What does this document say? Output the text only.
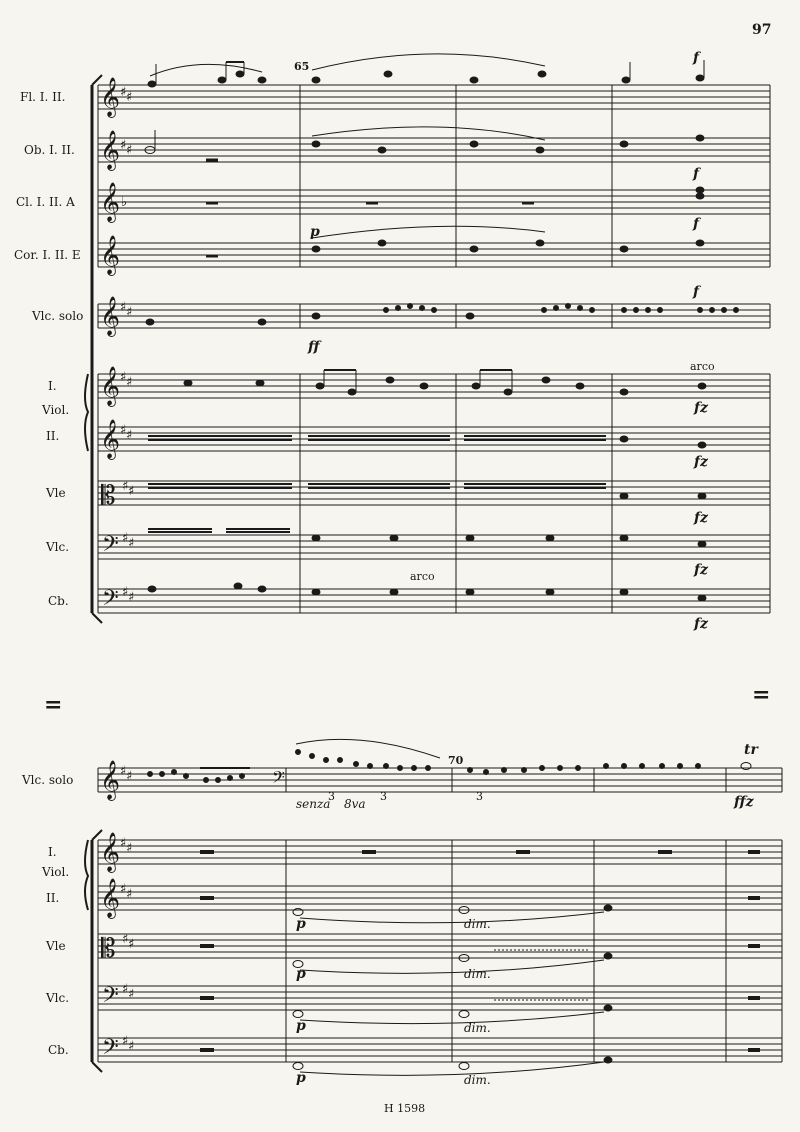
97
𝄞
𝄞
𝄞
𝄞
𝄞
𝄞
𝄞
𝄡
𝄢
𝄢
♯ ♯
♯ ♯
♭
♯ ♯
♯ ♯
♯ ♯
♯ ♯
♯ ♯
♯ ♯
Fl. I. II.
Ob. I. II.
Cl. I. II. A
Cor. I. II. E
Vlc. solo
I.
Viol.
II.
Vle
Vlc.
Cb.
65
ff
p
f
f
f
f
arco
fz
fz
fz
fz
arco
fz
=	=
𝄞
𝄞
𝄞
𝄡
𝄢
𝄢
𝄢
♯ ♯
♯ ♯
♯ ♯
♯ ♯
♯ ♯
♯ ♯
Vlc. solo
I.
Viol.
II.
Vle
Vlc.
Cb.
70
senza 8va
3	3	3	ffz
tr
p
p
p
p
dim.
dim.
dim.
dim.
H 1598
